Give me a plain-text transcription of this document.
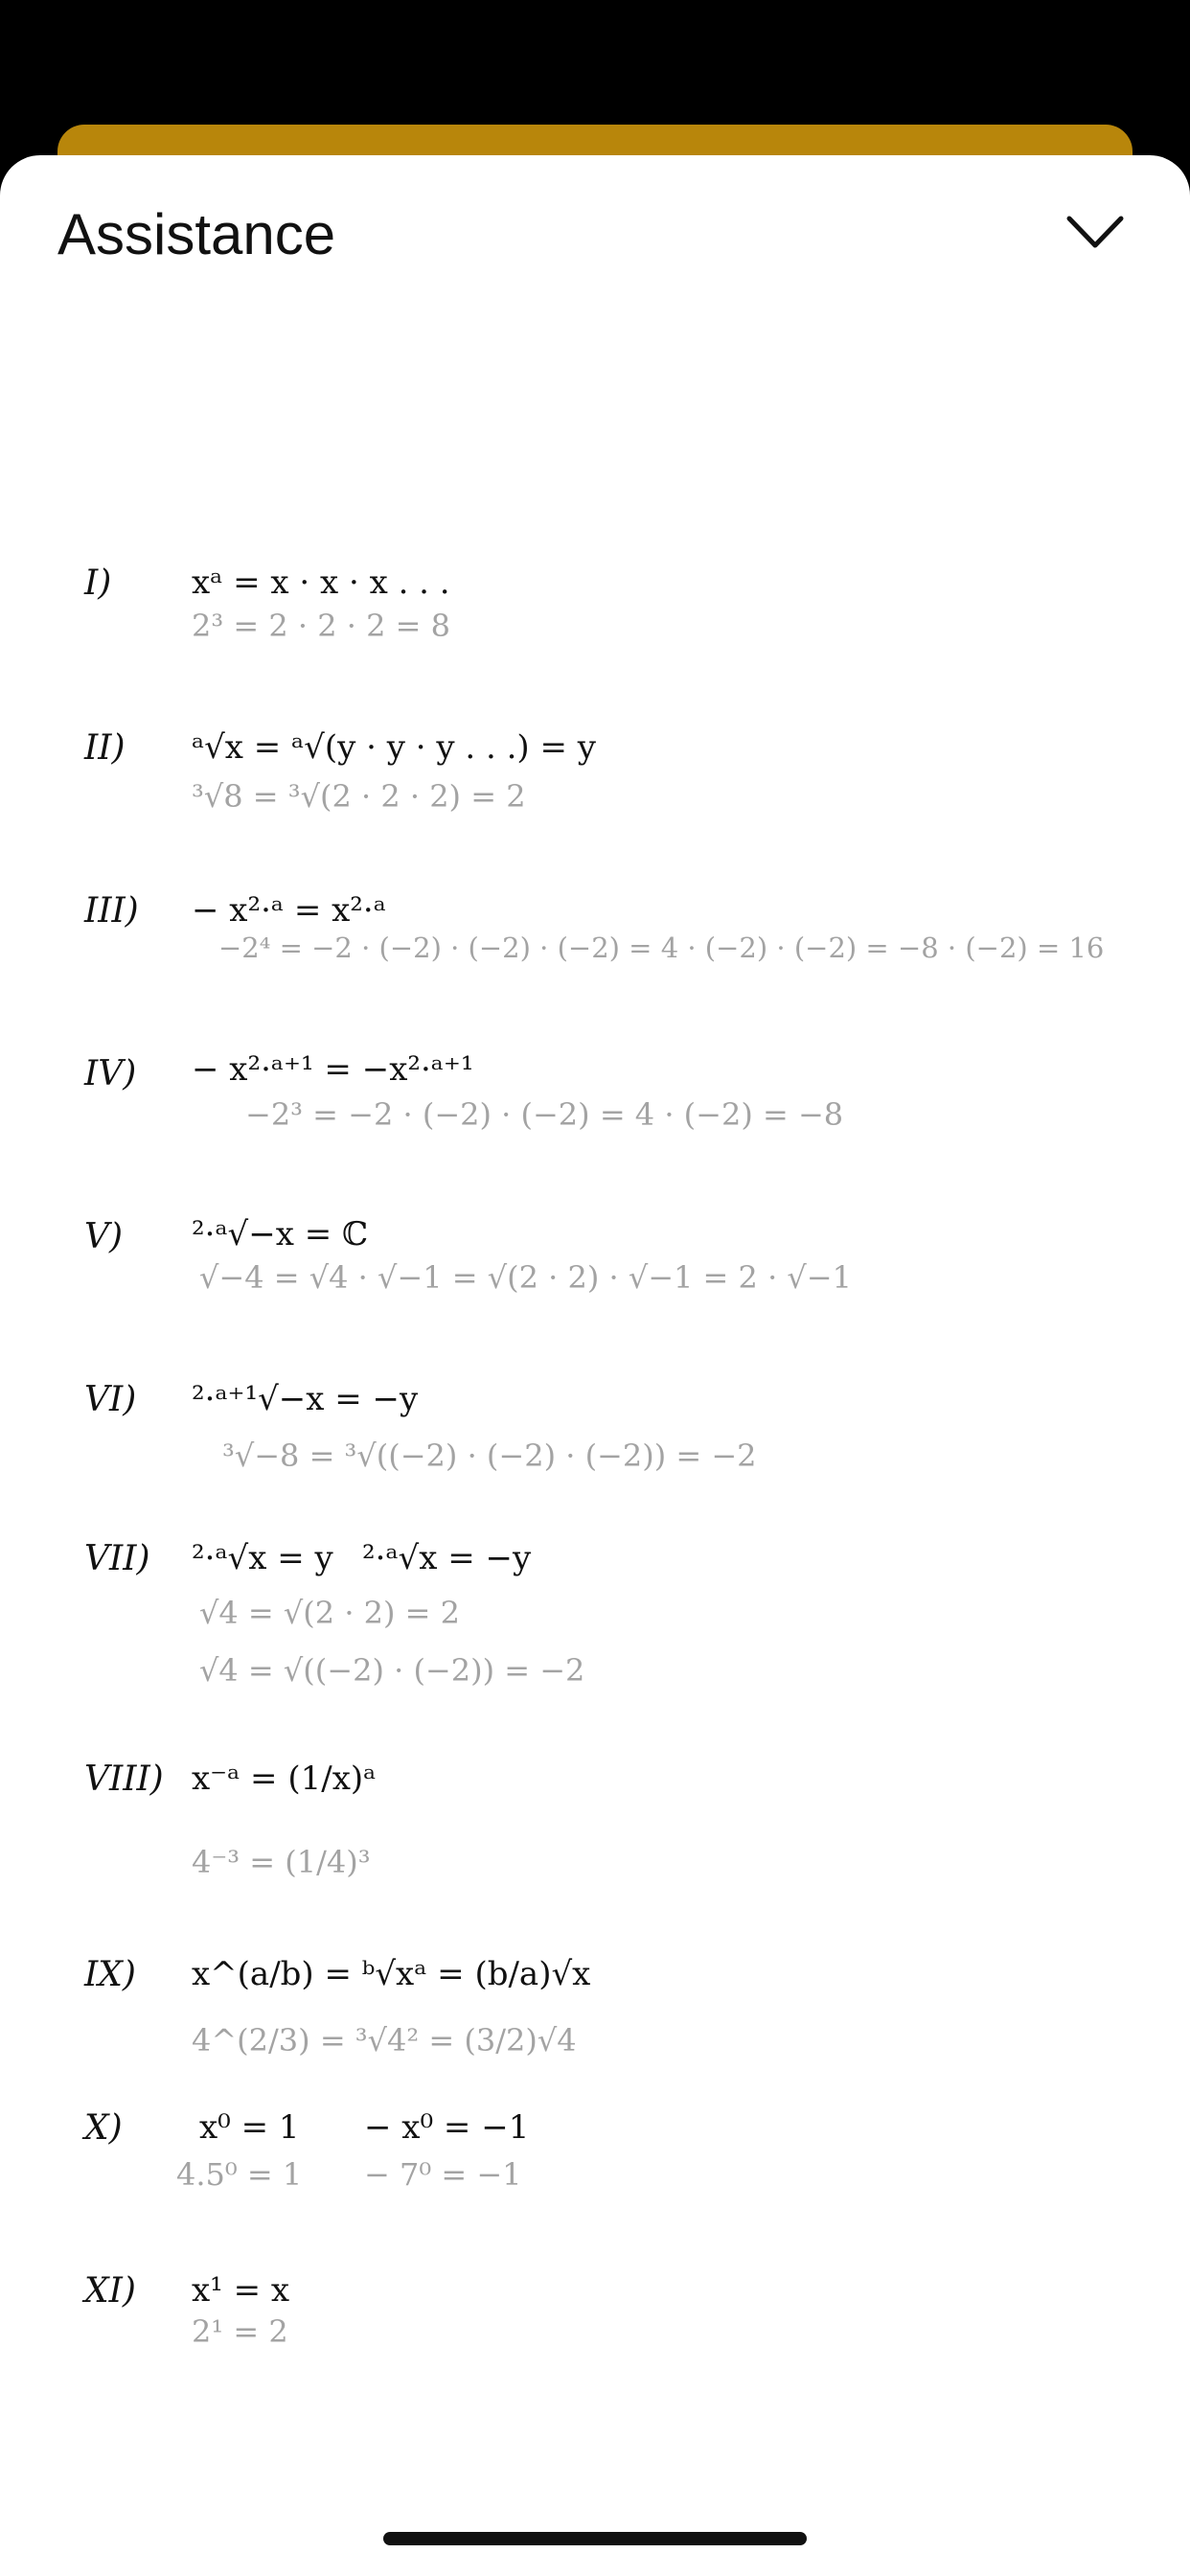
Assistance
I) xᵃ = x · x · x . . .
2³ = 2 · 2 · 2 = 8
II) ᵃ√x = ᵃ√(y · y · y . . .) = y
³√8 = ³√(2 · 2 · 2) = 2
III) − x²·ᵃ = x²·ᵃ
−2⁴ = −2 · (−2) · (−2) · (−2) = 4 · (−2) · (−2) = −8 · (−2) = 16
IV) − x²·ᵃ⁺¹ = −x²·ᵃ⁺¹
−2³ = −2 · (−2) · (−2) = 4 · (−2) = −8
V) ²·ᵃ√−x = ℂ
√−4 = √4 · √−1 = √(2 · 2) · √−1 = 2 · √−1
VI) ²·ᵃ⁺¹√−x = −y
³√−8 = ³√((−2) · (−2) · (−2)) = −2
VII) ²·ᵃ√x = y ²·ᵃ√x = −y
√4 = √(2 · 2) = 2
√4 = √((−2) · (−2)) = −2
VIII) x⁻ᵃ = (1/x)ᵃ
4⁻³ = (1/4)³
IX) x^(a/b) = ᵇ√xᵃ = (b/a)√x
4^(2/3) = ³√4² = (3/2)√4
X) x⁰ = 1 − x⁰ = −1
4.5⁰ = 1 − 7⁰ = −1
XI) x¹ = x
2¹ = 2
